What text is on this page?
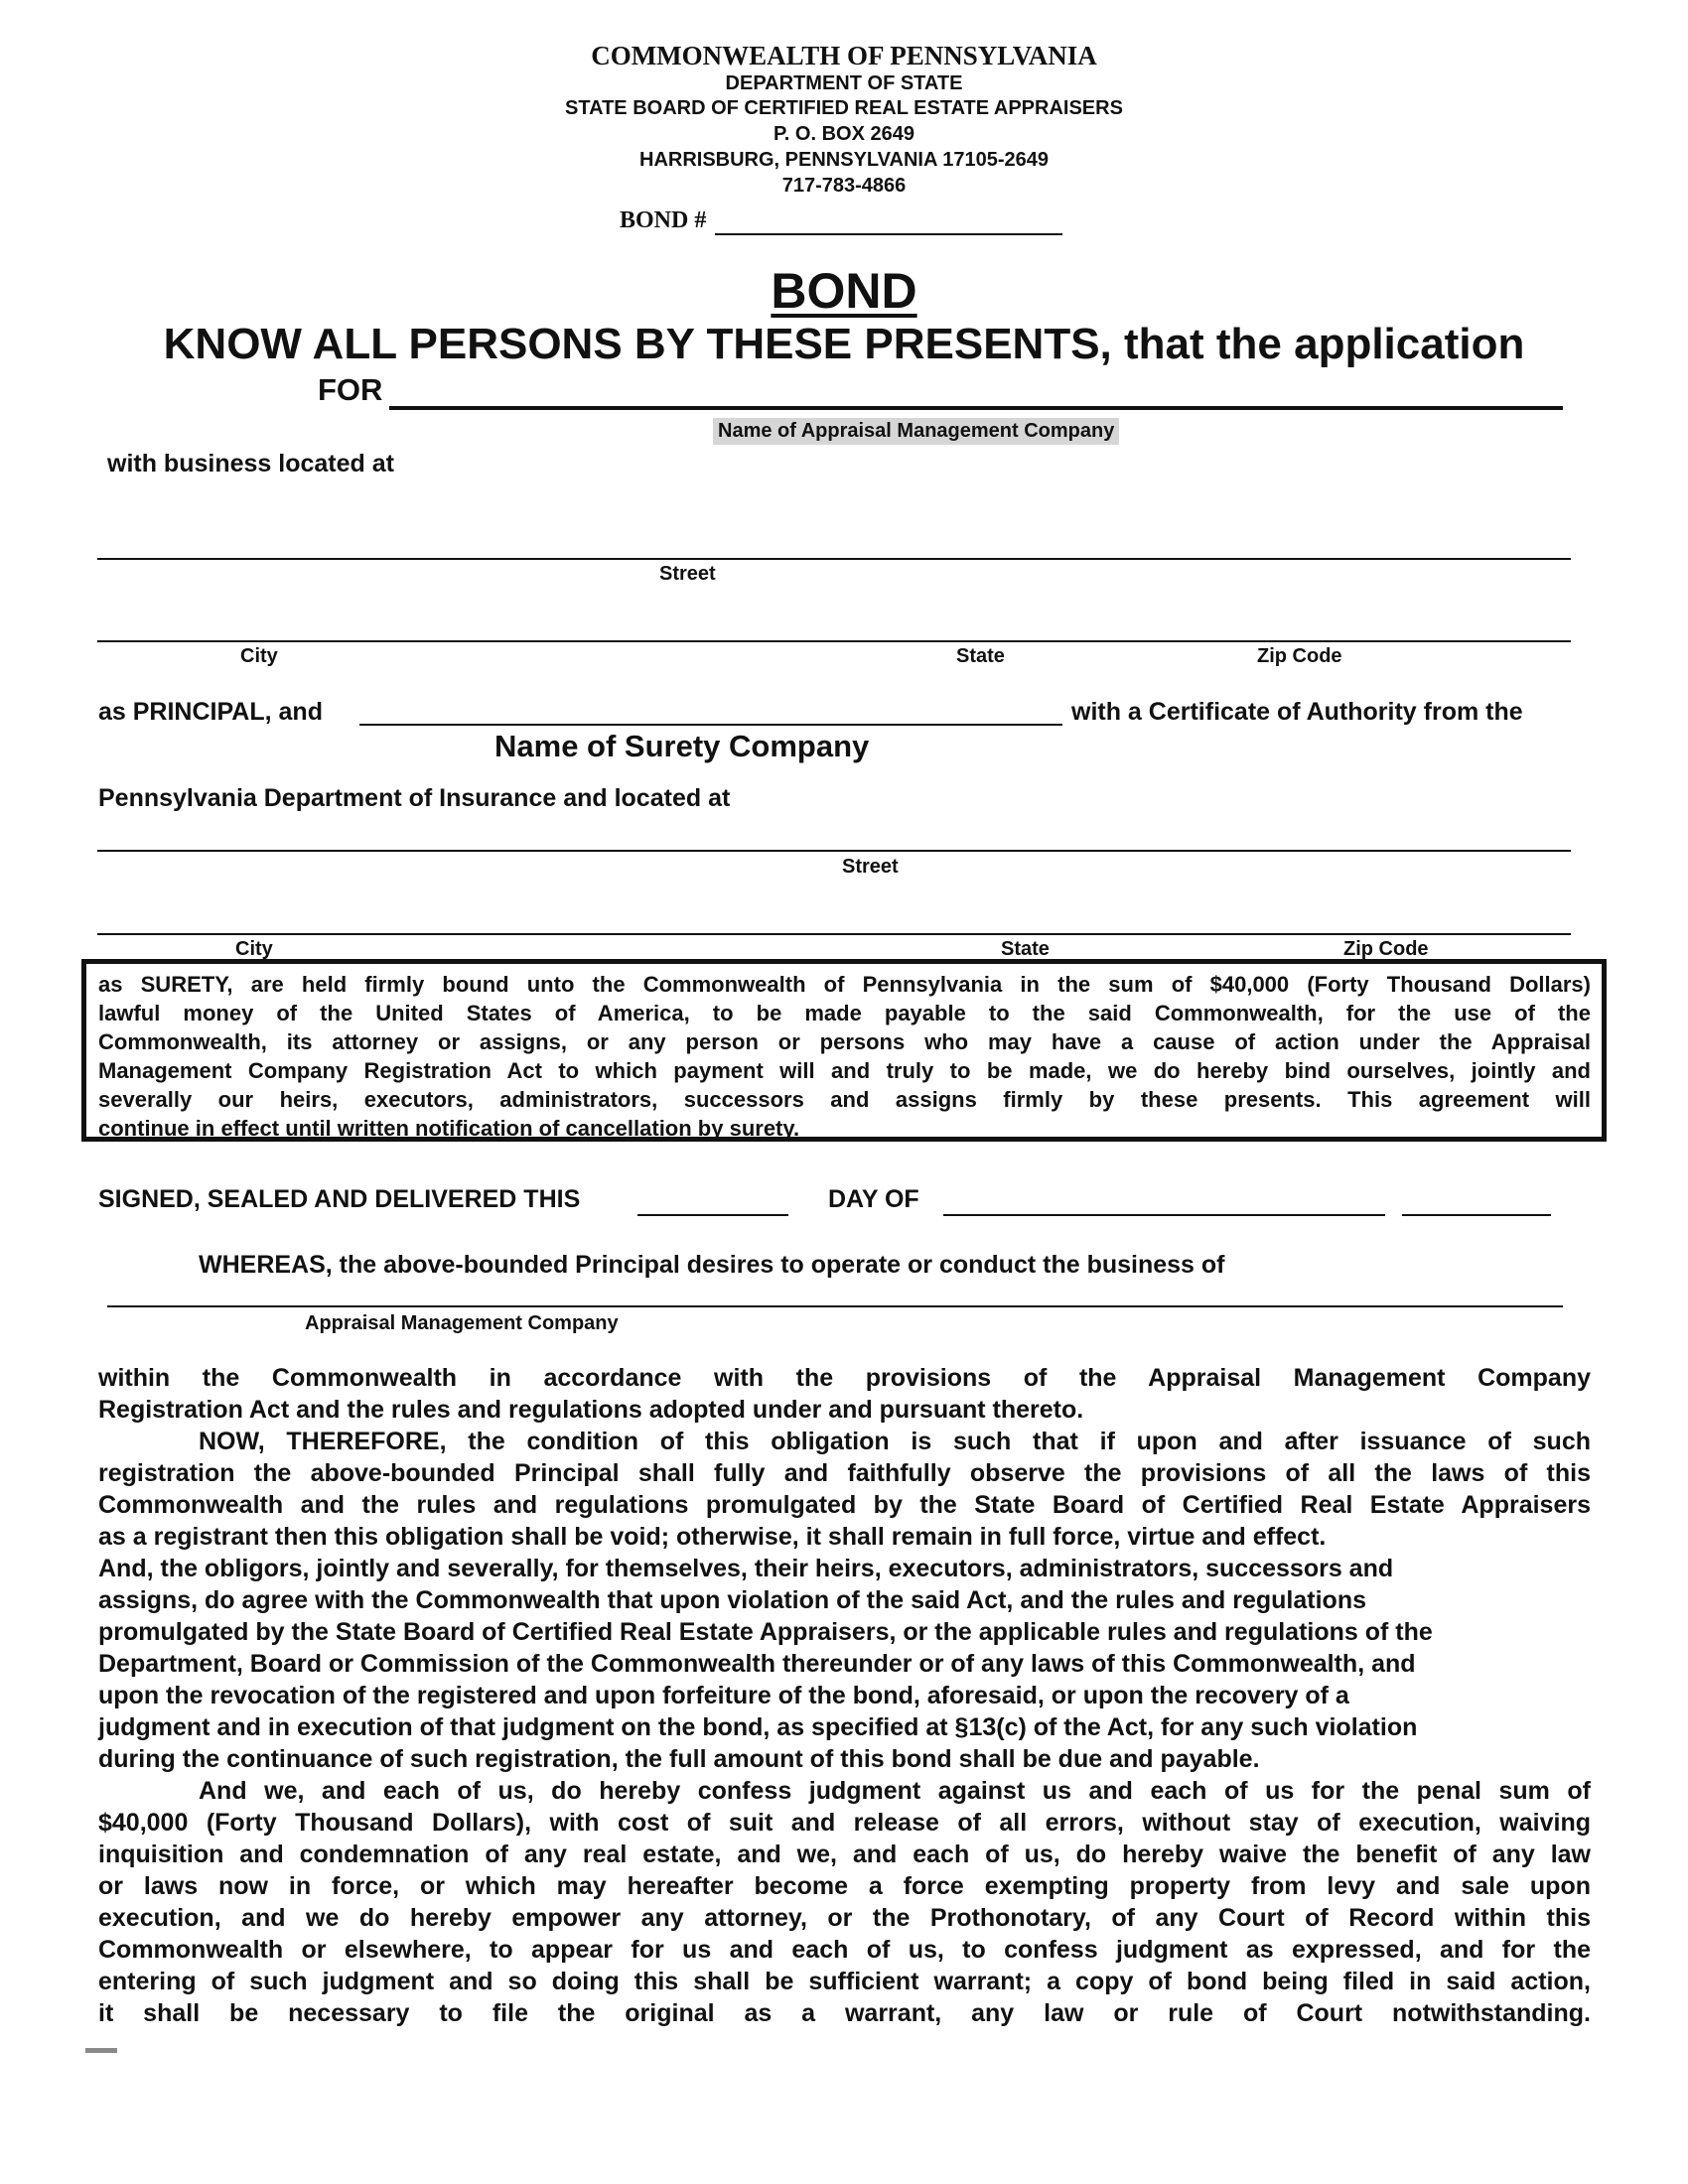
COMMONWEALTH OF PENNSYLVANIA
DEPARTMENT OF STATE
STATE BOARD OF CERTIFIED REAL ESTATE APPRAISERS
P. O. BOX 2649
HARRISBURG, PENNSYLVANIA 17105-2649
717-783-4866
BOND #
BOND
KNOW ALL PERSONS BY THESE PRESENTS, that the application
FOR
Name of Appraisal Management Company
with business located at
Street
City	State	Zip Code
as PRINCIPAL, and	with a Certificate of Authority from the
Name of Surety Company
Pennsylvania Department of Insurance and located at
Street
City	State	Zip Code
as SURETY, are held firmly bound unto the Commonwealth of Pennsylvania in the sum of $40,000 (Forty Thousand Dollars)
lawful money of the United States of America, to be made payable to the said Commonwealth, for the use of the
Commonwealth, its attorney or assigns, or any person or persons who may have a cause of action under the Appraisal
Management Company Registration Act to which payment will and truly to be made, we do hereby bind ourselves, jointly and
severally our heirs, executors, administrators, successors and assigns firmly by these presents. This agreement will
continue in effect until written notification of cancellation by surety.
SIGNED, SEALED AND DELIVERED THIS	DAY OF
WHEREAS, the above-bounded Principal desires to operate or conduct the business of
Appraisal Management Company
within the Commonwealth in accordance with the provisions of the Appraisal Management Company
Registration Act and the rules and regulations adopted under and pursuant thereto.
NOW, THEREFORE, the condition of this obligation is such that if upon and after issuance of such
registration the above-bounded Principal shall fully and faithfully observe the provisions of all the laws of this
Commonwealth and the rules and regulations promulgated by the State Board of Certified Real Estate Appraisers
as a registrant then this obligation shall be void; otherwise, it shall remain in full force, virtue and effect.
And, the obligors, jointly and severally, for themselves, their heirs, executors, administrators, successors and
assigns, do agree with the Commonwealth that upon violation of the said Act, and the rules and regulations
promulgated by the State Board of Certified Real Estate Appraisers, or the applicable rules and regulations of the
Department, Board or Commission of the Commonwealth thereunder or of any laws of this Commonwealth, and
upon the revocation of the registered and upon forfeiture of the bond, aforesaid, or upon the recovery of a
judgment and in execution of that judgment on the bond, as specified at §13(c) of the Act, for any such violation
during the continuance of such registration, the full amount of this bond shall be due and payable.
And we, and each of us, do hereby confess judgment against us and each of us for the penal sum of
$40,000 (Forty Thousand Dollars), with cost of suit and release of all errors, without stay of execution, waiving
inquisition and condemnation of any real estate, and we, and each of us, do hereby waive the benefit of any law
or laws now in force, or which may hereafter become a force exempting property from levy and sale upon
execution, and we do hereby empower any attorney, or the Prothonotary, of any Court of Record within this
Commonwealth or elsewhere, to appear for us and each of us, to confess judgment as expressed, and for the
entering of such judgment and so doing this shall be sufficient warrant; a copy of bond being filed in said action,
it shall be necessary to file the original as a warrant, any law or rule of Court notwithstanding.
